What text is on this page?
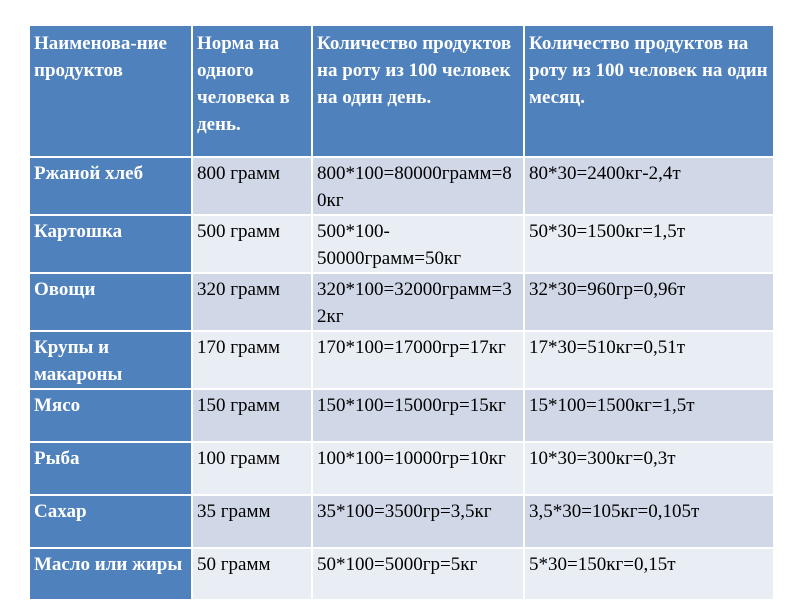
Наименова-ние продуктов	Норма на одного человека в день.	Количество продуктов на роту из 100 человек на один день.	Количество продуктов на роту из 100 человек на один месяц.
Ржаной хлеб	800 грамм	800*100=80000грамм=80кг	80*30=2400кг-2,4т
Картошка	500 грамм	500*100-50000грамм=50кг	50*30=1500кг=1,5т
Овощи	320 грамм	320*100=32000грамм=32кг	32*30=960гр=0,96т
Крупы и макароны	170 грамм	170*100=17000гр=17кг	17*30=510кг=0,51т
Мясо	150 грамм	150*100=15000гр=15кг	15*100=1500кг=1,5т
Рыба	100 грамм	100*100=10000гр=10кг	10*30=300кг=0,3т
Сахар	35 грамм	35*100=3500гр=3,5кг	3,5*30=105кг=0,105т
Масло или жиры	50 грамм	50*100=5000гр=5кг	5*30=150кг=0,15т
